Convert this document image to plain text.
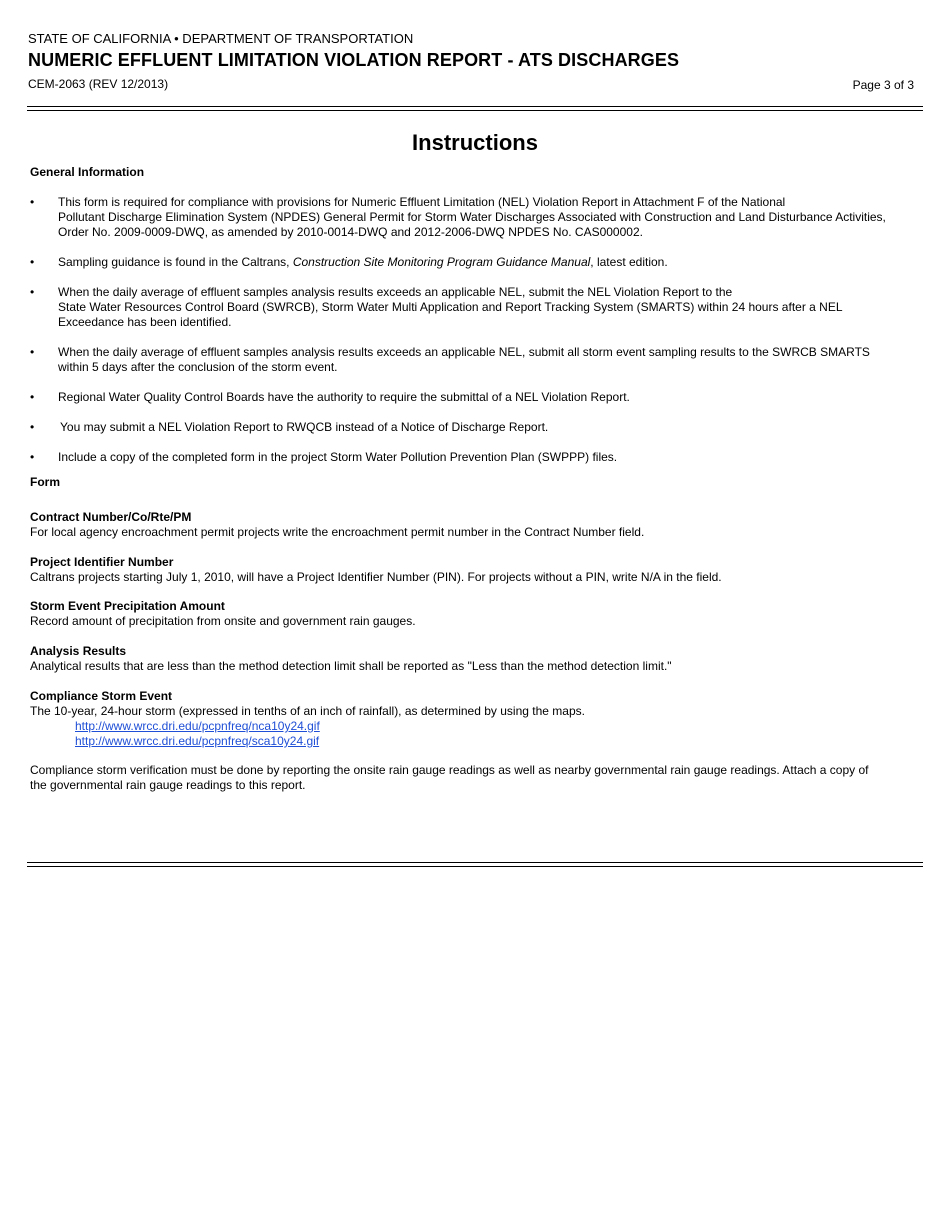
STATE OF CALIFORNIA • DEPARTMENT OF TRANSPORTATION
NUMERIC EFFLUENT LIMITATION VIOLATION REPORT - ATS DISCHARGES
CEM-2063 (REV 12/2013)	Page 3 of 3
Instructions
General Information
• This form is required for compliance with provisions for Numeric Effluent Limitation (NEL) Violation Report in Attachment F of the National
Pollutant Discharge Elimination System (NPDES) General Permit for Storm Water Discharges Associated with Construction and Land Disturbance Activities,
Order No. 2009-0009-DWQ, as amended by 2010-0014-DWQ and 2012-2006-DWQ NPDES No. CAS000002.
• Sampling guidance is found in the Caltrans, Construction Site Monitoring Program Guidance Manual, latest edition.
• When the daily average of effluent samples analysis results exceeds an applicable NEL, submit the NEL Violation Report to the
State Water Resources Control Board (SWRCB), Storm Water Multi Application and Report Tracking System (SMARTS) within 24 hours after a NEL
Exceedance has been identified.
• When the daily average of effluent samples analysis results exceeds an applicable NEL, submit all storm event sampling results to the SWRCB SMARTS
within 5 days after the conclusion of the storm event.
• Regional Water Quality Control Boards have the authority to require the submittal of a NEL Violation Report.
• You may submit a NEL Violation Report to RWQCB instead of a Notice of Discharge Report.
• Include a copy of the completed form in the project Storm Water Pollution Prevention Plan (SWPPP) files.
Form
Contract Number/Co/Rte/PM
For local agency encroachment permit projects write the encroachment permit number in the Contract Number field.
Project Identifier Number
Caltrans projects starting July 1, 2010, will have a Project Identifier Number (PIN). For projects without a PIN, write N/A in the field.
Storm Event Precipitation Amount
Record amount of precipitation from onsite and government rain gauges.
Analysis Results
Analytical results that are less than the method detection limit shall be reported as "Less than the method detection limit."
Compliance Storm Event
The 10-year, 24-hour storm (expressed in tenths of an inch of rainfall), as determined by using the maps.
http://www.wrcc.dri.edu/pcpnfreq/nca10y24.gif
http://www.wrcc.dri.edu/pcpnfreq/sca10y24.gif
Compliance storm verification must be done by reporting the onsite rain gauge readings as well as nearby governmental rain gauge readings. Attach a copy of
the governmental rain gauge readings to this report.
